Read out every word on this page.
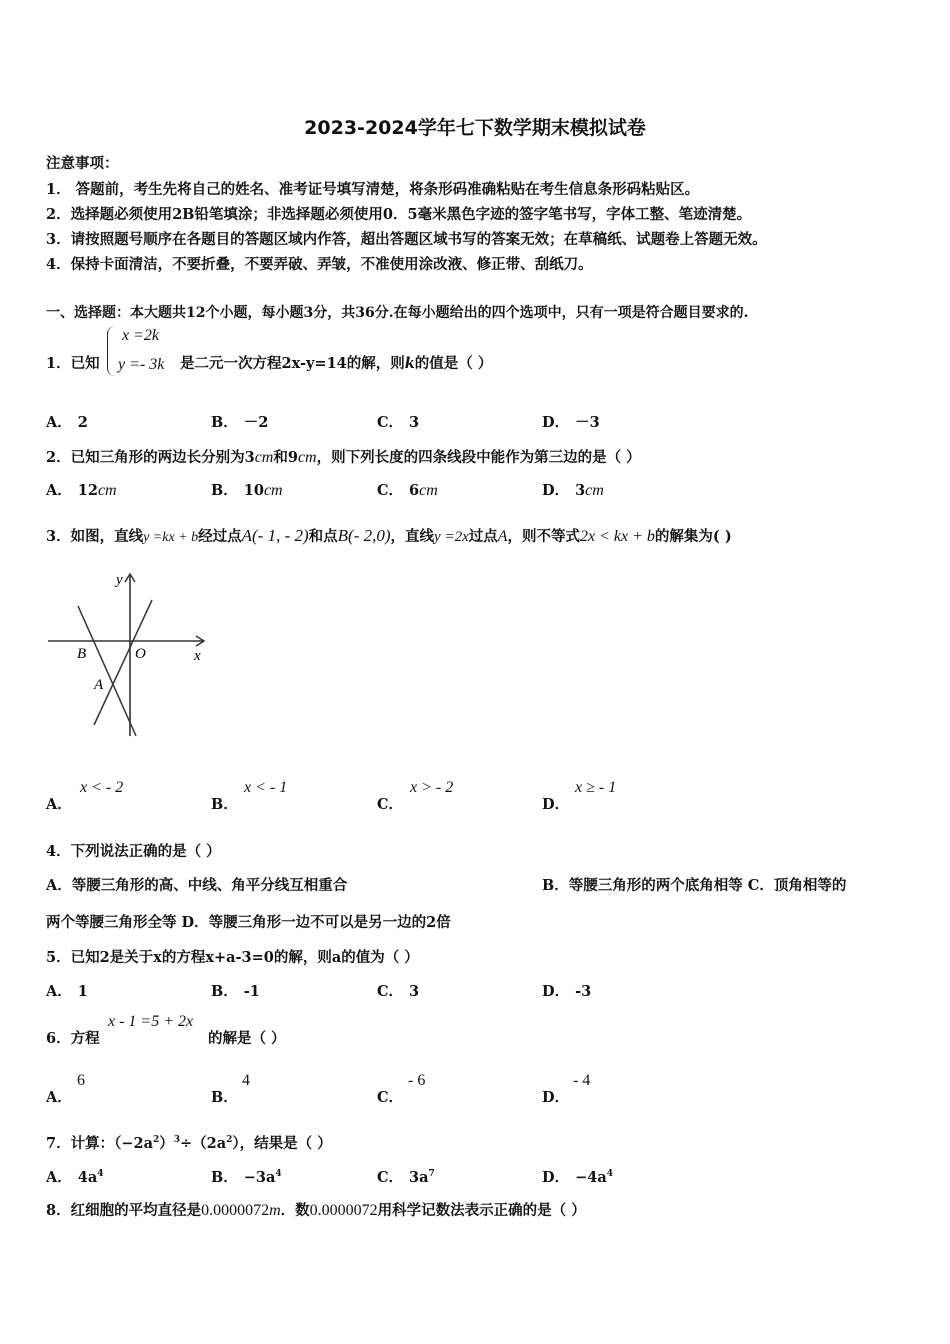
2023-2024学年七下数学期末模拟试卷
注意事项：
1． 答题前，考生先将自己的姓名、准考证号填写清楚，将条形码准确粘贴在考生信息条形码粘贴区。
2．选择题必须使用2B铅笔填涂；非选择题必须使用0．5毫米黑色字迹的签字笔书写，字体工整、笔迹清楚。
3．请按照题号顺序在各题目的答题区域内作答，超出答题区域书写的答案无效；在草稿纸、试题卷上答题无效。
4．保持卡面清洁，不要折叠，不要弄破、弄皱，不准使用涂改液、修正带、刮纸刀。
一、选择题：本大题共12个小题，每小题3分，共36分.在每小题给出的四个选项中，只有一项是符合题目要求的.
1．已知
x =2k
y =- 3k 是二元一次方程2x-y=14的解，则k的值是（ ）
A． 2	B． －2	C． 3	D． －3
2．已知三角形的两边长分别为3cm和9cm，则下列长度的四条线段中能作为第三边的是（ ）
A． 12cm	B． 10cm	C． 6cm	D． 3cm
3．如图，直线y =kx + b经过点A(- 1, - 2)和点B(- 2,0)，直线y =2x过点A，则不等式2x < kx + b的解集为( )
y
x
B	O
A
A．
x < - 2
B．
x < - 1
C．
x > - 2
D．
x ≥ - 1
4．下列说法正确的是（ ）
A．等腰三角形的高、中线、角平分线互相重合	B．等腰三角形的两个底角相等 C．顶角相等的
两个等腰三角形全等 D．等腰三角形一边不可以是另一边的2倍
5．已知2是关于x的方程x+a-3=0的解，则a的值为（ ）
A． 1	B． -1	C． 3	D． -3
6．方程
x - 1 =5 + 2x
的解是（ ）
A．
6
B．
4
C．
- 6
D．
- 4
7．计算：$(-2a^2)^3\div(2a^2)$，结果是（ ）
A． $4a^4$	B． $-3a^4$	C． $3a^7$	D． $-4a^4$
8．红细胞的平均直径是0.0000072m．数0.0000072用科学记数法表示正确的是（ ）
